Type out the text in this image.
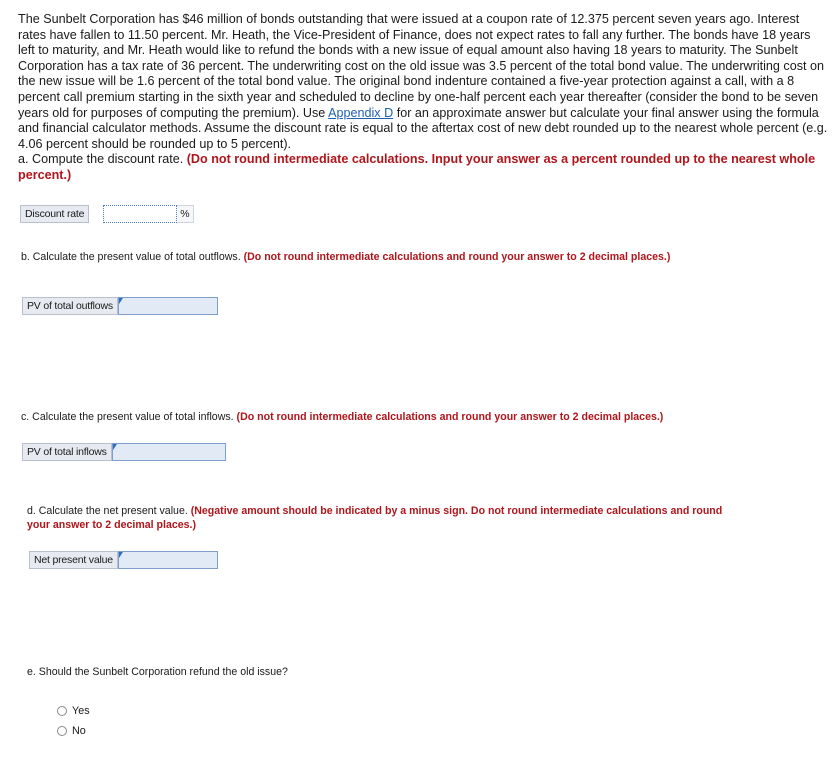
The Sunbelt Corporation has $46 million of bonds outstanding that were issued at a coupon rate of 12.375 percent seven years ago. Interest rates have fallen to 11.50 percent. Mr. Heath, the Vice-President of Finance, does not expect rates to fall any further. The bonds have 18 years left to maturity, and Mr. Heath would like to refund the bonds with a new issue of equal amount also having 18 years to maturity. The Sunbelt Corporation has a tax rate of 36 percent. The underwriting cost on the old issue was 3.5 percent of the total bond value. The underwriting cost on the new issue will be 1.6 percent of the total bond value. The original bond indenture contained a five-year protection against a call, with a 8 percent call premium starting in the sixth year and scheduled to decline by one-half percent each year thereafter (consider the bond to be seven years old for purposes of computing the premium). Use Appendix D for an approximate answer but calculate your final answer using the formula and financial calculator methods. Assume the discount rate is equal to the aftertax cost of new debt rounded up to the nearest whole percent (e.g. 4.06 percent should be rounded up to 5 percent).
a. Compute the discount rate. (Do not round intermediate calculations. Input your answer as a percent rounded up to the nearest whole percent.)

Discount rate	%

b. Calculate the present value of total outflows. (Do not round intermediate calculations and round your answer to 2 decimal places.)

PV of total outflows

c. Calculate the present value of total inflows. (Do not round intermediate calculations and round your answer to 2 decimal places.)

PV of total inflows

d. Calculate the net present value. (Negative amount should be indicated by a minus sign. Do not round intermediate calculations and round your answer to 2 decimal places.)

Net present value

e. Should the Sunbelt Corporation refund the old issue?

Yes
No
